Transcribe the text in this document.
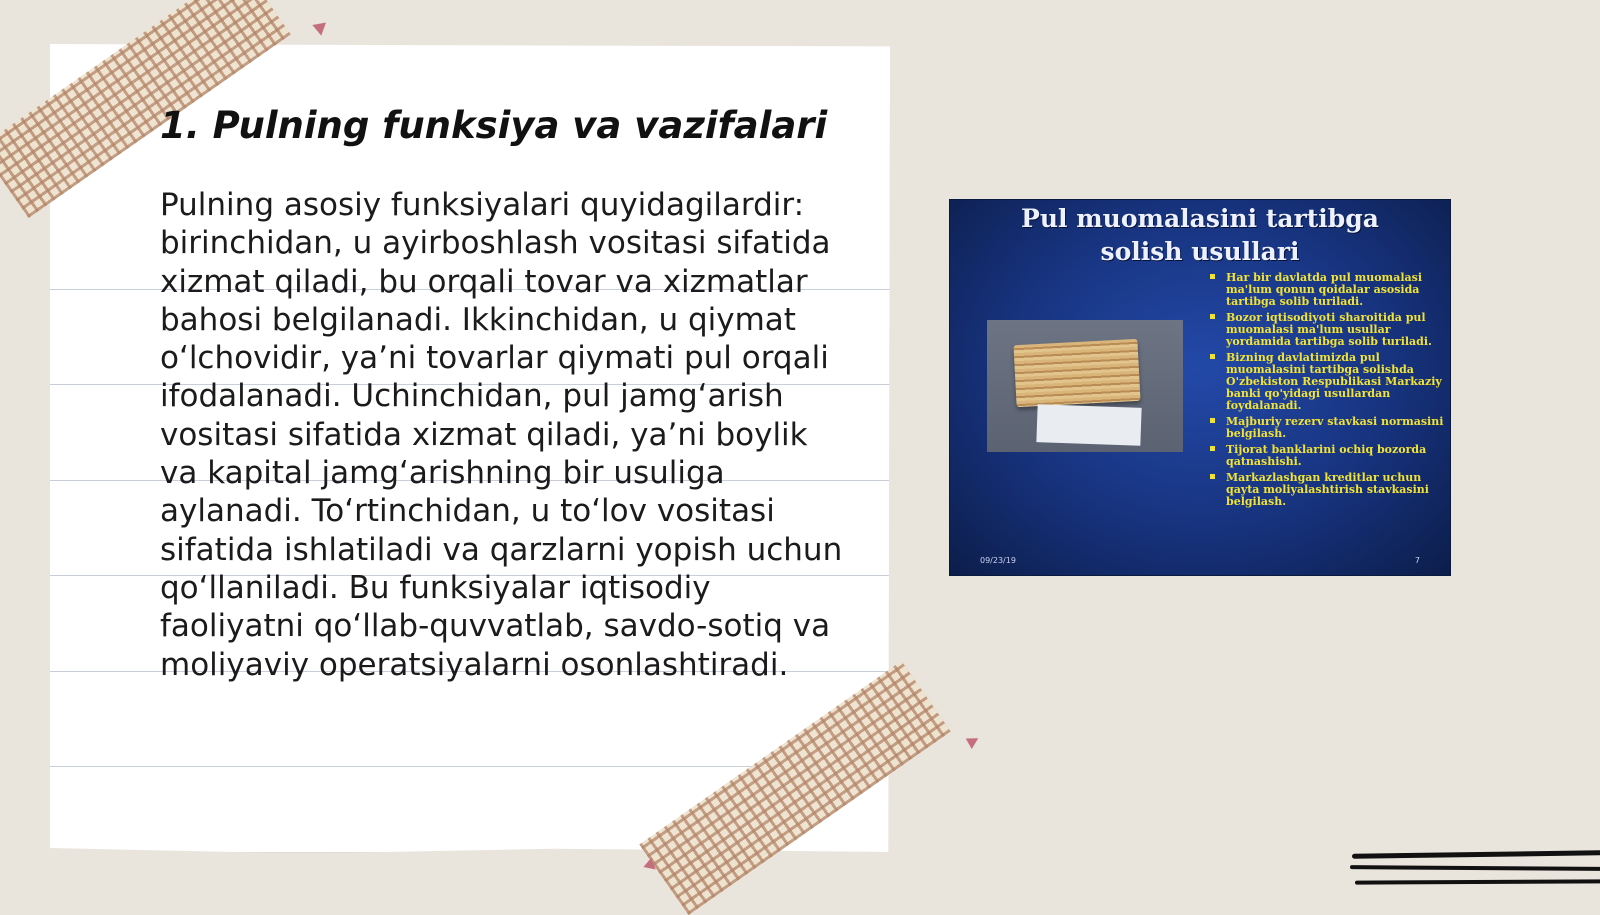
1. Pulning funksiya va vazifalari

Pulning asosiy funksiyalari quyidagilardir: birinchidan, u ayirboshlash vositasi sifatida xizmat qiladi, bu orqali tovar va xizmatlar bahosi belgilanadi. Ikkinchidan, u qiymat o‘lchovidir, ya’ni tovarlar qiymati pul orqali ifodalanadi. Uchinchidan, pul jamg‘arish vositasi sifatida xizmat qiladi, ya’ni boylik va kapital jamg‘arishning bir usuliga aylanadi. To‘rtinchidan, u to‘lov vositasi sifatida ishlatiladi va qarzlarni yopish uchun qo‘llaniladi. Bu funksiyalar iqtisodiy faoliyatni qo‘llab-quvvatlab, savdo-sotiq va moliyaviy operatsiyalarni osonlashtiradi.

Pul muomalasini tartibga
solish usullari
Har bir davlatda pul muomalasi ma'lum qonun qoidalar asosida tartibga solib turiladi.
Bozor iqtisodiyoti sharoitida pul muomalasi ma'lum usullar yordamida tartibga solib turiladi.
Bizning davlatimizda pul muomalasini tartibga solishda O'zbekiston Respublikasi Markaziy banki qo'yidagi usullardan foydalanadi.
Majburiy rezerv stavkasi normasini belgilash.
Tijorat banklarini ochiq bozorda qatnashishi.
Markazlashgan kreditlar uchun qayta moliyalashtirish stavkasini belgilash.
09/23/19	7
